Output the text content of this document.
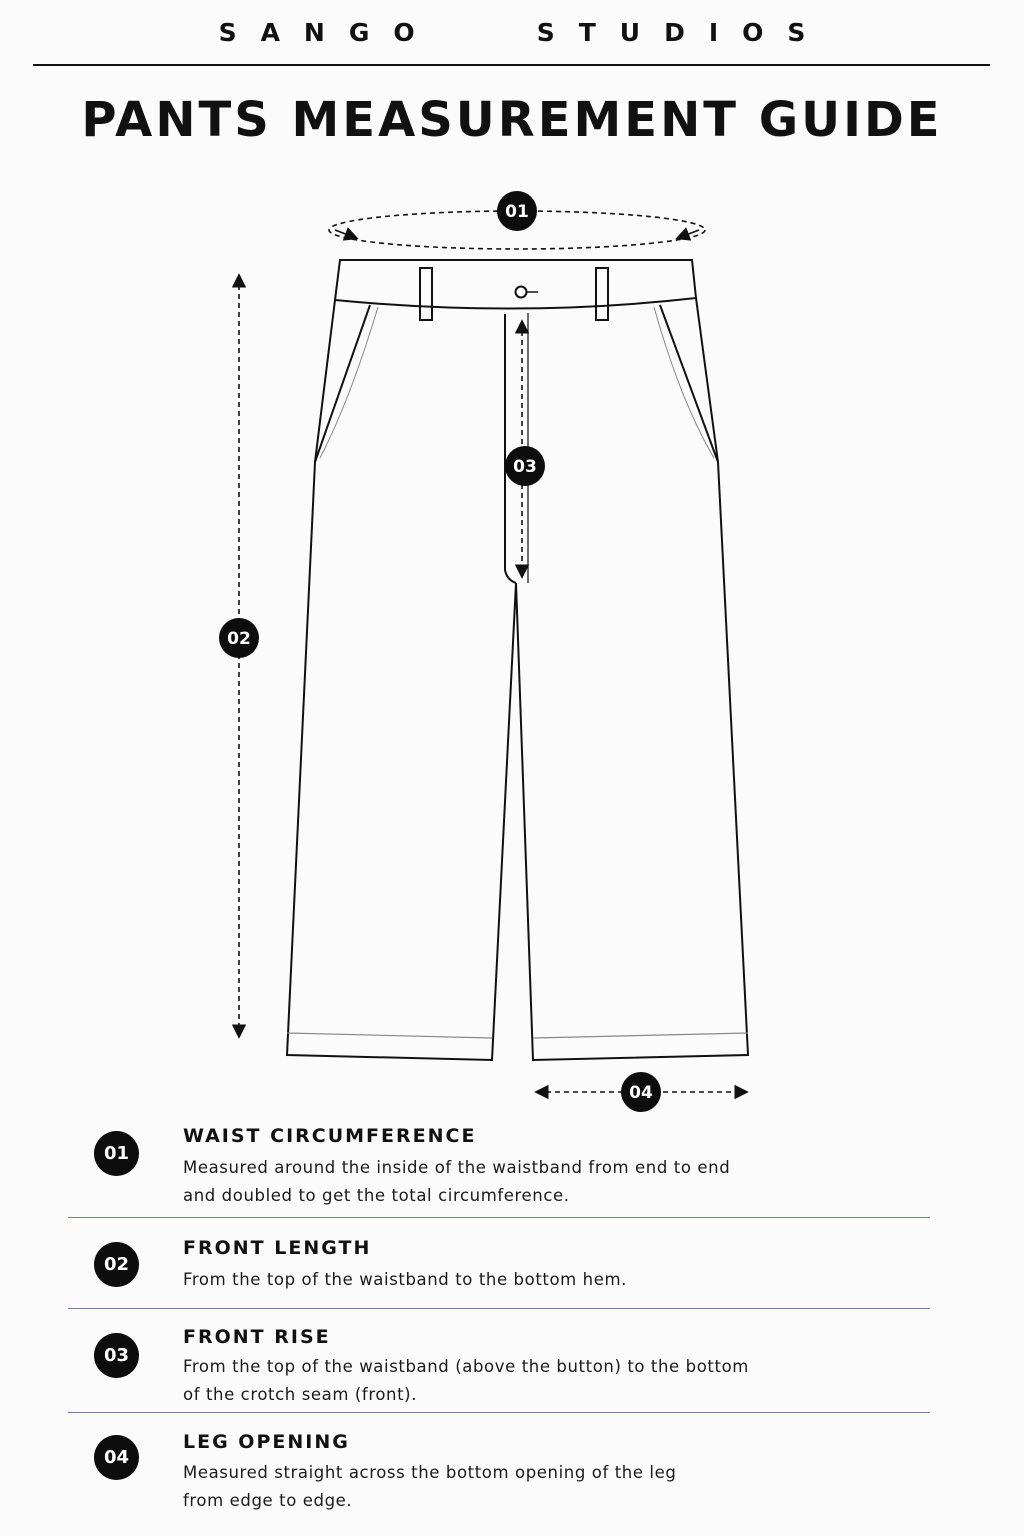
SANGO   STUDIOS
PANTS MEASUREMENT GUIDE
01
02
03
04
01
WAIST CIRCUMFERENCE
Measured around the inside of the waistband from end to end
and doubled to get the total circumference.
02
FRONT LENGTH
From the top of the waistband to the bottom hem.
03
FRONT RISE
From the top of the waistband (above the button) to the bottom
of the crotch seam (front).
04
LEG OPENING
Measured straight across the bottom opening of the leg
from edge to edge.
